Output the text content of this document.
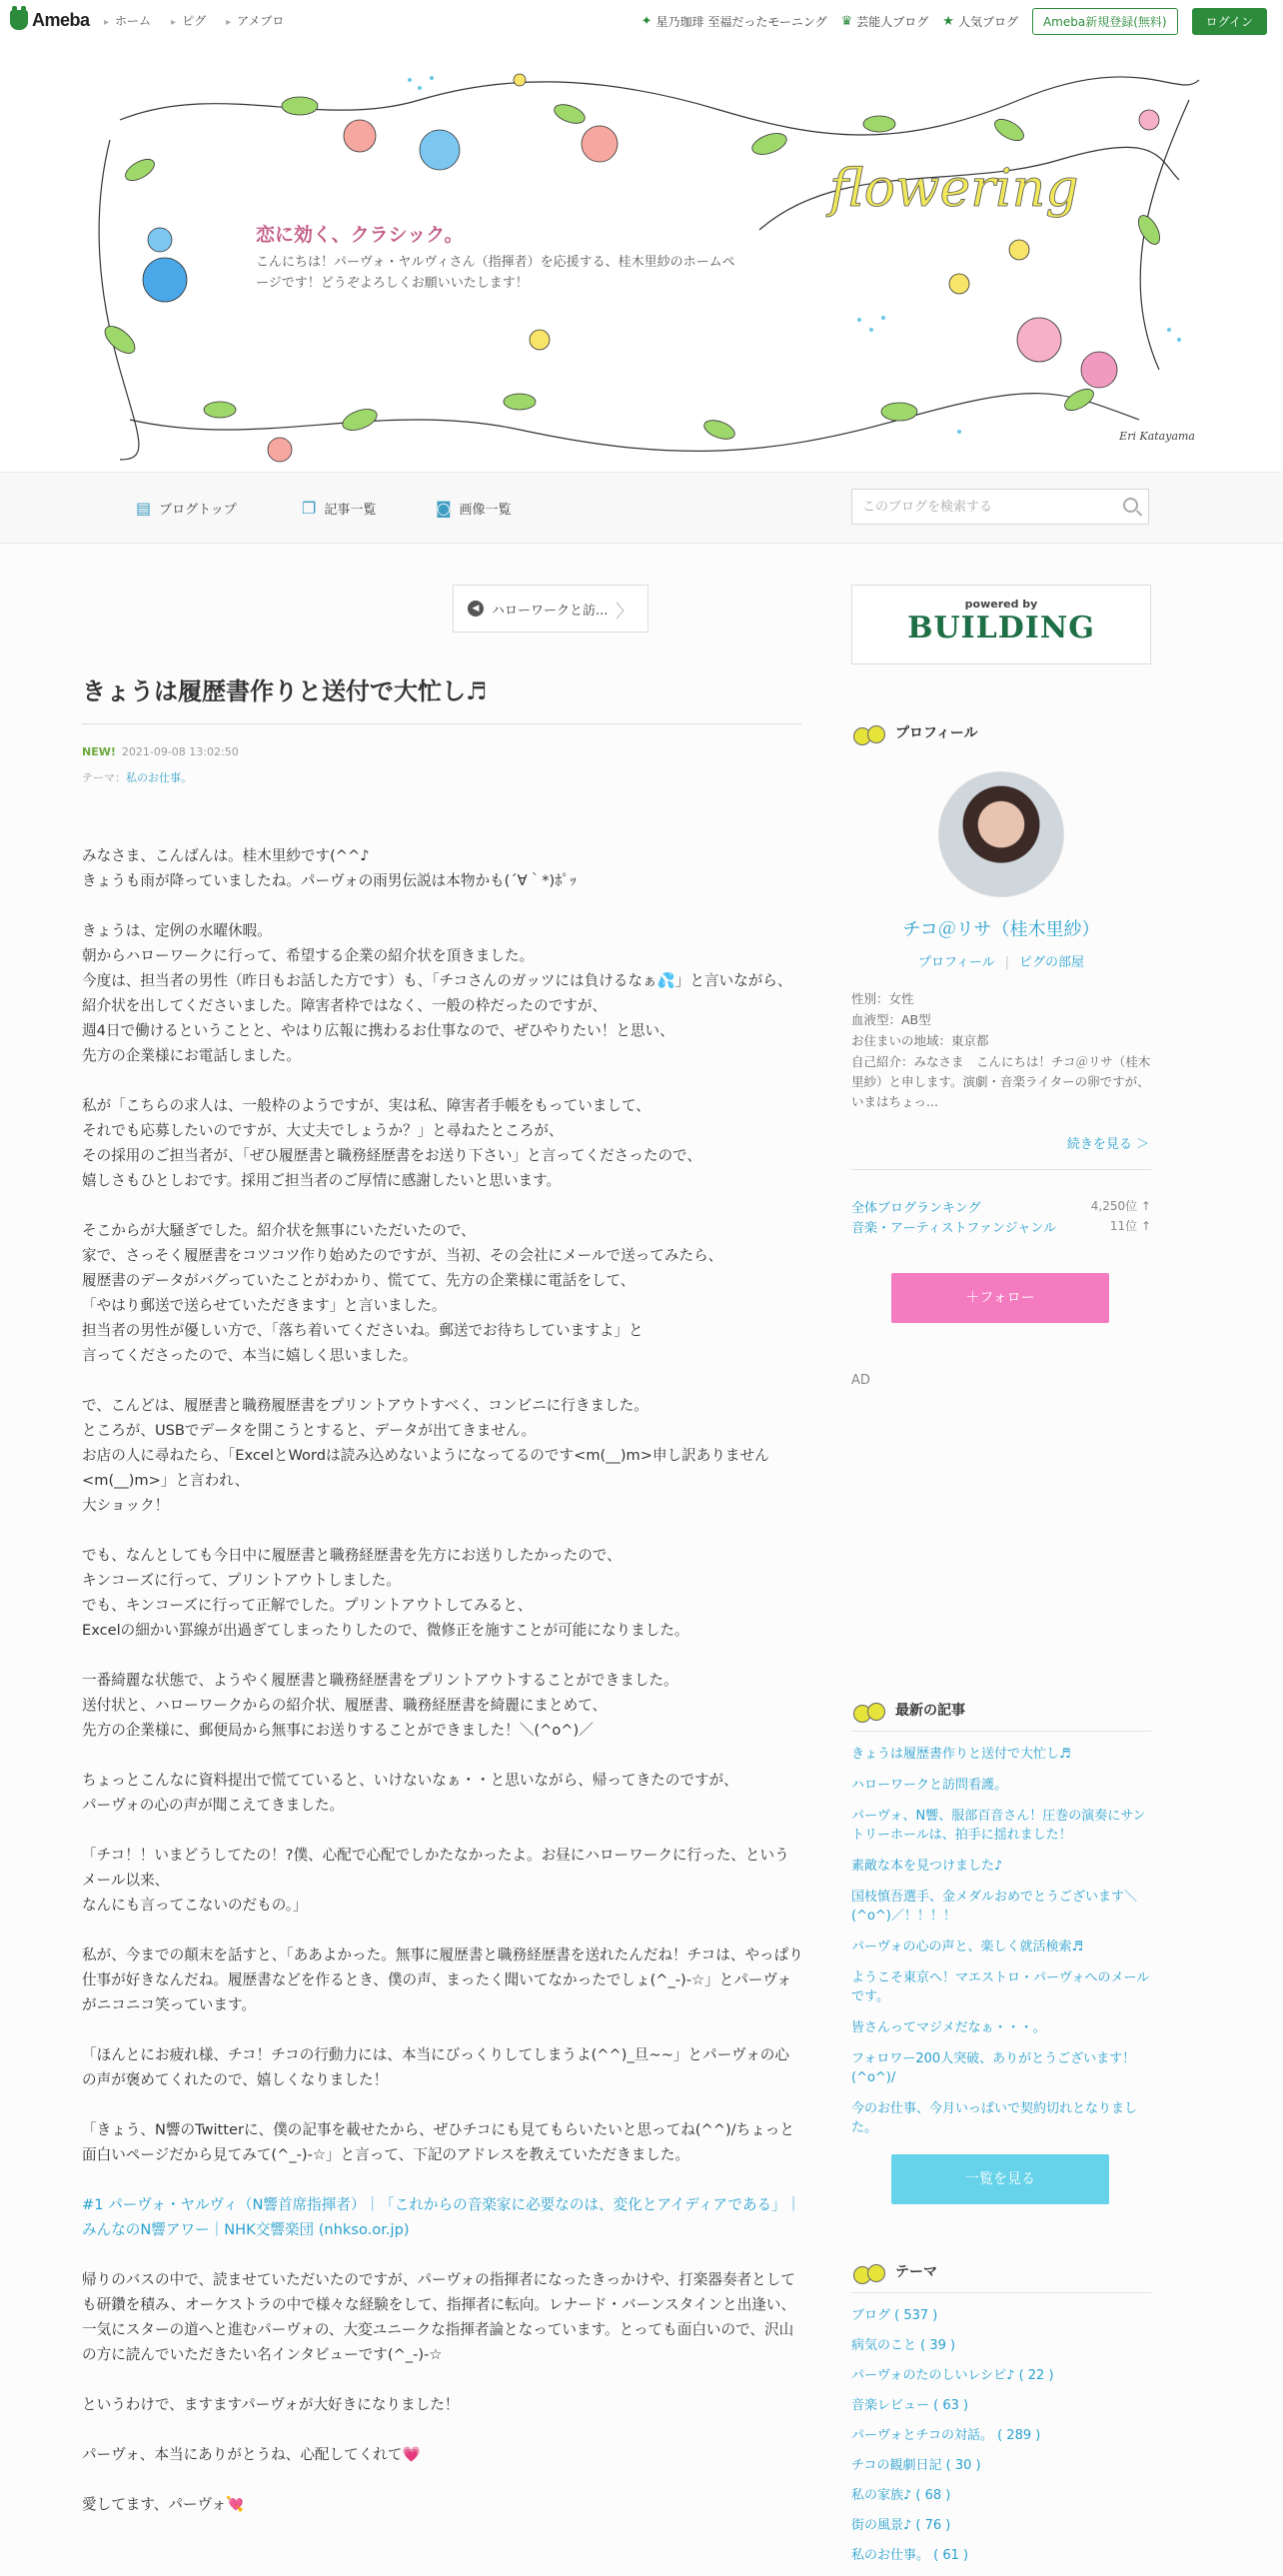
Ameba	▸ ホーム	▸ ピグ	▸ アメブロ	✦ 星乃珈琲 至福だったモーニング ♛ 芸能人ブログ ★ 人気ブログ	Ameba新規登録(無料)	ログイン
flowering
恋に効く、クラシック。
こんにちは！パーヴォ・ヤルヴィさん（指揮者）を応援する、桂木里紗のホームページです！どうぞよろしくお願いいたします！
Eri Katayama
▤ ブログトップ	❐ 記事一覧	◙ 画像一覧
このブログを検索する
◀ ハローワークと訪... 〉
きょうは履歴書作りと送付で大忙し♬
NEW! 2021-09-08 13:02:50
テーマ：私のお仕事。

みなさま、こんばんは。桂木里紗です(^^♪
きょうも雨が降っていましたね。パーヴォの雨男伝説は本物かも(´∀｀*)ﾎﾟｯ

きょうは、定例の水曜休暇。
朝からハローワークに行って、希望する企業の紹介状を頂きました。
今度は、担当者の男性（昨日もお話した方です）も、「チコさんのガッツには負けるなぁ💦」と言いながら、
紹介状を出してくださいました。障害者枠ではなく、一般の枠だったのですが、
週4日で働けるということと、やはり広報に携わるお仕事なので、ぜひやりたい！と思い、
先方の企業様にお電話しました。

私が「こちらの求人は、一般枠のようですが、実は私、障害者手帳をもっていまして、
それでも応募したいのですが、大丈夫でしょうか？」と尋ねたところが、
その採用のご担当者が、「ぜひ履歴書と職務経歴書をお送り下さい」と言ってくださったので、
嬉しさもひとしおです。採用ご担当者のご厚情に感謝したいと思います。

そこからが大騒ぎでした。紹介状を無事にいただいたので、
家で、さっそく履歴書をコツコツ作り始めたのですが、当初、その会社にメールで送ってみたら、
履歴書のデータがバグっていたことがわかり、慌てて、先方の企業様に電話をして、
「やはり郵送で送らせていただきます」と言いました。
担当者の男性が優しい方で、「落ち着いてくださいね。郵送でお待ちしていますよ」と
言ってくださったので、本当に嬉しく思いました。

で、こんどは、履歴書と職務履歴書をプリントアウトすべく、コンビニに行きました。
ところが、USBでデータを開こうとすると、データが出てきません。
お店の人に尋ねたら、「ExcelとWordは読み込めないようになってるのです<m(__)m>申し訳ありません<m(__)m>」と言われ、
大ショック！

でも、なんとしても今日中に履歴書と職務経歴書を先方にお送りしたかったので、
キンコーズに行って、プリントアウトしました。
でも、キンコーズに行って正解でした。プリントアウトしてみると、
Excelの細かい罫線が出過ぎてしまったりしたので、微修正を施すことが可能になりました。

一番綺麗な状態で、ようやく履歴書と職務経歴書をプリントアウトすることができました。
送付状と、ハローワークからの紹介状、履歴書、職務経歴書を綺麗にまとめて、
先方の企業様に、郵便局から無事にお送りすることができました！＼(^o^)／

ちょっとこんなに資料提出で慌てていると、いけないなぁ・・と思いながら、帰ってきたのですが、
パーヴォの心の声が聞こえてきました。

「チコ！！いまどうしてたの！?僕、心配で心配でしかたなかったよ。お昼にハローワークに行った、というメール以来、
なんにも言ってこないのだもの。」

私が、今までの顛末を話すと、「ああよかった。無事に履歴書と職務経歴書を送れたんだね！チコは、やっぱり仕事が好きなんだね。履歴書などを作るとき、僕の声、まったく聞いてなかったでしょ(^_-)-☆」とパーヴォがニコニコ笑っています。

「ほんとにお疲れ様、チコ！チコの行動力には、本当にびっくりしてしまうよ(^^)_旦~~」とパーヴォの心の声が褒めてくれたので、嬉しくなりました！

「きょう、N響のTwitterに、僕の記事を載せたから、ぜひチコにも見てもらいたいと思ってね(^^)/ちょっと面白いページだから見てみて(^_-)-☆」と言って、下記のアドレスを教えていただきました。

#1 パーヴォ・ヤルヴィ（N響首席指揮者）｜「これからの音楽家に必要なのは、変化とアイディアである」｜みんなのN響アワー｜NHK交響楽団 (nhkso.or.jp)

帰りのバスの中で、読ませていただいたのですが、パーヴォの指揮者になったきっかけや、打楽器奏者としても研鑽を積み、オーケストラの中で様々な経験をして、指揮者に転向。レナード・バーンスタインと出逢い、一気にスターの道へと進むパーヴォの、大変ユニークな指揮者論となっています。とっても面白いので、沢山の方に読んでいただきたい名インタビューです(^_-)-☆

というわけで、ますますパーヴォが大好きになりました！

パーヴォ、本当にありがとうね、心配してくれて💗

愛してます、パーヴォ💘

powered by
BUILDING
プロフィール
チコ＠リサ（桂木里紗）
プロフィール | ピグの部屋
性別：女性
血液型：AB型
お住まいの地域：東京都
自己紹介：みなさま　こんにちは！チコ＠リサ（桂木里紗）と申します。演劇・音楽ライターの卵ですが、いまはちょっ...
続きを見る ＞
全体ブログランキング	4,250位 ↑
音楽・アーティストファンジャンル	11位 ↑
＋フォロー
AD
最新の記事
きょうは履歴書作りと送付で大忙し♬
ハローワークと訪問看護。
パーヴォ、N響、服部百音さん！圧巻の演奏にサントリーホールは、拍手に揺れました！
素敵な本を見つけました♪
国枝慎吾選手、金メダルおめでとうございます＼(^o^)／！！！！
パーヴォの心の声と、楽しく就活検索♬
ようこそ東京へ！マエストロ・パーヴォへのメールです。
皆さんってマジメだなぁ・・・。
フォロワー200人突破、ありがとうございます！(^o^)/
今のお仕事、今月いっぱいで契約切れとなりました。
一覧を見る
テーマ
ブログ ( 537 )
病気のこと ( 39 )
パーヴォのたのしいレシピ♪ ( 22 )
音楽レビュー ( 63 )
パーヴォとチコの対話。 ( 289 )
チコの観劇日記 ( 30 )
私の家族♪ ( 68 )
街の風景♪ ( 76 )
私のお仕事。 ( 61 )
